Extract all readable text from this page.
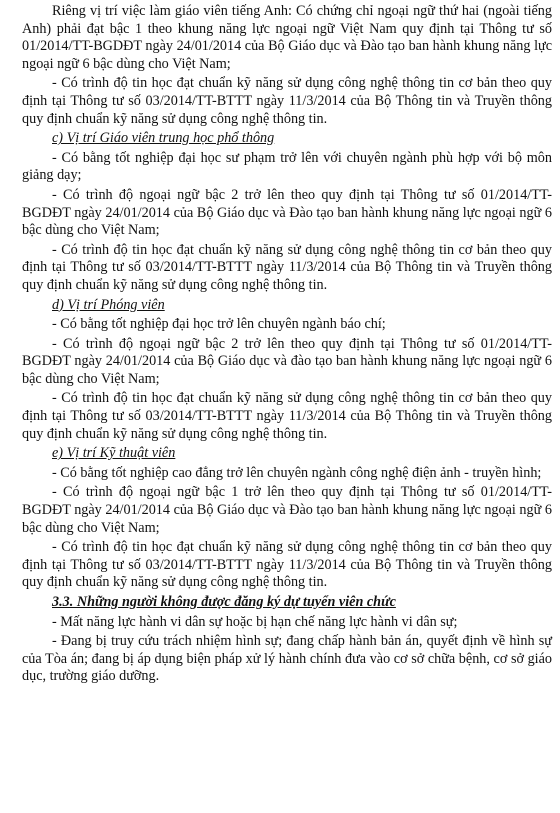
Riêng vị trí việc làm giáo viên tiếng Anh: Có chứng chỉ ngoại ngữ thứ hai (ngoài tiếng Anh) phải đạt bậc 1 theo khung năng lực ngoại ngữ Việt Nam quy định tại Thông tư số 01/2014/TT-BGDĐT ngày 24/01/2014 của Bộ Giáo dục và Đào tạo ban hành khung năng lực ngoại ngữ 6 bậc dùng cho Việt Nam;

- Có trình độ tin học đạt chuẩn kỹ năng sử dụng công nghệ thông tin cơ bản theo quy định tại Thông tư số 03/2014/TT-BTTT ngày 11/3/2014 của Bộ Thông tin và Truyền thông quy định chuẩn kỹ năng sử dụng công nghệ thông tin.

c) Vị trí Giáo viên trung học phổ thông

- Có bằng tốt nghiệp đại học sư phạm trở lên với chuyên ngành phù hợp với bộ môn giảng dạy;

- Có trình độ ngoại ngữ bậc 2 trở lên theo quy định tại Thông tư số 01/2014/TT-BGDĐT ngày 24/01/2014 của Bộ Giáo dục và Đào tạo ban hành khung năng lực ngoại ngữ 6 bậc dùng cho Việt Nam;

- Có trình độ tin học đạt chuẩn kỹ năng sử dụng công nghệ thông tin cơ bản theo quy định tại Thông tư số 03/2014/TT-BTTT ngày 11/3/2014 của Bộ Thông tin và Truyền thông quy định chuẩn kỹ năng sử dụng công nghệ thông tin.

d) Vị trí Phóng viên

- Có bằng tốt nghiệp đại học trở lên chuyên ngành báo chí;

- Có trình độ ngoại ngữ bậc 2 trở lên theo quy định tại Thông tư số 01/2014/TT-BGDĐT ngày 24/01/2014 của Bộ Giáo dục và đào tạo ban hành khung năng lực ngoại ngữ 6 bậc dùng cho Việt Nam;

- Có trình độ tin học đạt chuẩn kỹ năng sử dụng công nghệ thông tin cơ bản theo quy định tại Thông tư số 03/2014/TT-BTTT ngày 11/3/2014 của Bộ Thông tin và Truyền thông quy định chuẩn kỹ năng sử dụng công nghệ thông tin.

e) Vị trí Kỹ thuật viên

- Có bằng tốt nghiệp cao đẳng trở lên chuyên ngành công nghệ điện ảnh - truyền hình;

- Có trình độ ngoại ngữ bậc 1 trở lên theo quy định tại Thông tư số 01/2014/TT-BGDĐT ngày 24/01/2014 của Bộ Giáo dục và Đào tạo ban hành khung năng lực ngoại ngữ 6 bậc dùng cho Việt Nam;

- Có trình độ tin học đạt chuẩn kỹ năng sử dụng công nghệ thông tin cơ bản theo quy định tại Thông tư số 03/2014/TT-BTTT ngày 11/3/2014 của Bộ Thông tin và Truyền thông quy định chuẩn kỹ năng sử dụng công nghệ thông tin.

3.3. Những người không được đăng ký dự tuyển viên chức

- Mất năng lực hành vi dân sự hoặc bị hạn chế năng lực hành vi dân sự;

- Đang bị truy cứu trách nhiệm hình sự; đang chấp hành bản án, quyết định về hình sự của Tòa án; đang bị áp dụng biện pháp xử lý hành chính đưa vào cơ sở chữa bệnh, cơ sở giáo dục, trường giáo dưỡng.
